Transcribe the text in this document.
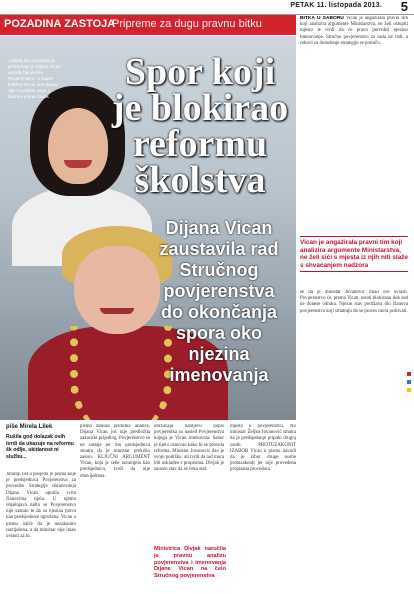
PETAK 11. listopada 2013. 5
POZADINA ZASTOJA
Pripreme za dugu pravnu bitku
Jutarnji list u posjedu je pisma koje je Dijana Vican uputila članovima Povjerenstva i u kojem kritizira što se ono dosad nije ni sastalo nego u dvorani prima Divjak
Spor koji
je blokirao
reformu
školstva
Dijana Vican
zaustavila rad
Stručnog
povjerenstva
do okončanja
spora oko
njezina
imenovanja
piše Mirela Lilek
Rušila god dolazak ovih tvrdi da ukazuje na reformu šk odlje, ukidanost ni službu...
Jutarnji list u posjedu je pisma koje je predsjednica Povjerenstva za provedbu Strategije obrazovanja Dijana Vican uputila svim članovima tijela. U njemu objašnjava zašto se Povjerenstvo nije sastalo te da su njezina prava kao predsjednice ugrožena. Vican u pismu ističe da je nezakonito razriješena, a da ministar nije imao ovlasti za to.
pisma dansad primitka analize, Dijana Vican još nije predložila zakonski prijedlog. Povjerenstvo se ne sastaje jer mu predsjednica smatra da je ministar prekršio zakon. KLJUČNI ARGUMENT Vican, koja je sebe razumjela kao predsjednicu, tvrdi da nije obaviještena.
ubrzavaju nahtjevu popis povjerenika su nasled Povjerenstva kojega je Vican imenovala. Sabor je tijelo osnovao kako bi se provela reforma. Ministar Jovanović dao je svoju podršku, ali tvrdi da rad mora biti usklađen s propisima. Divjak je zauzeo stav da se čeka sud.
Ministrica Divjak naručila je pravnu analizu povjerenstva i imenovanja Dijane Vican na čelo Stručnog povjerenstva
mjesto u povjerenstvu. No ministar Željko Jovanović smatra da je predsjedanje pripalo drugoj osobi. PROTUZAKONIT IZABOR Vican u pismu navodi da je izbor druge osobe protuzakonit jer nije provedena propisana procedura.
BITKA U SABORU Vican je angažirala pravni tim koji analizira argumente Ministarstva, ne želi ustupiti mjesto te tvrdi da će pravo potvrditi njezino imenovanje. Stručno povjerenstvo za sada ne radi, a rokovi za donošenje strategije se pomiču.
Vican je angažirala pravni tim koji analizira argumente Ministarstva, ne želi sići s mjesta iz njih niti slaže s shvaćanjem nadzora
se da je ministar Jovanović imao sve ovlasti. Povjerenstvo će, prema Vican, ostati blokirano dok sud ne donese odluku. Njezin stav podržava dio članova povjerenstva koji smatraju da se proces mora poštivati.
